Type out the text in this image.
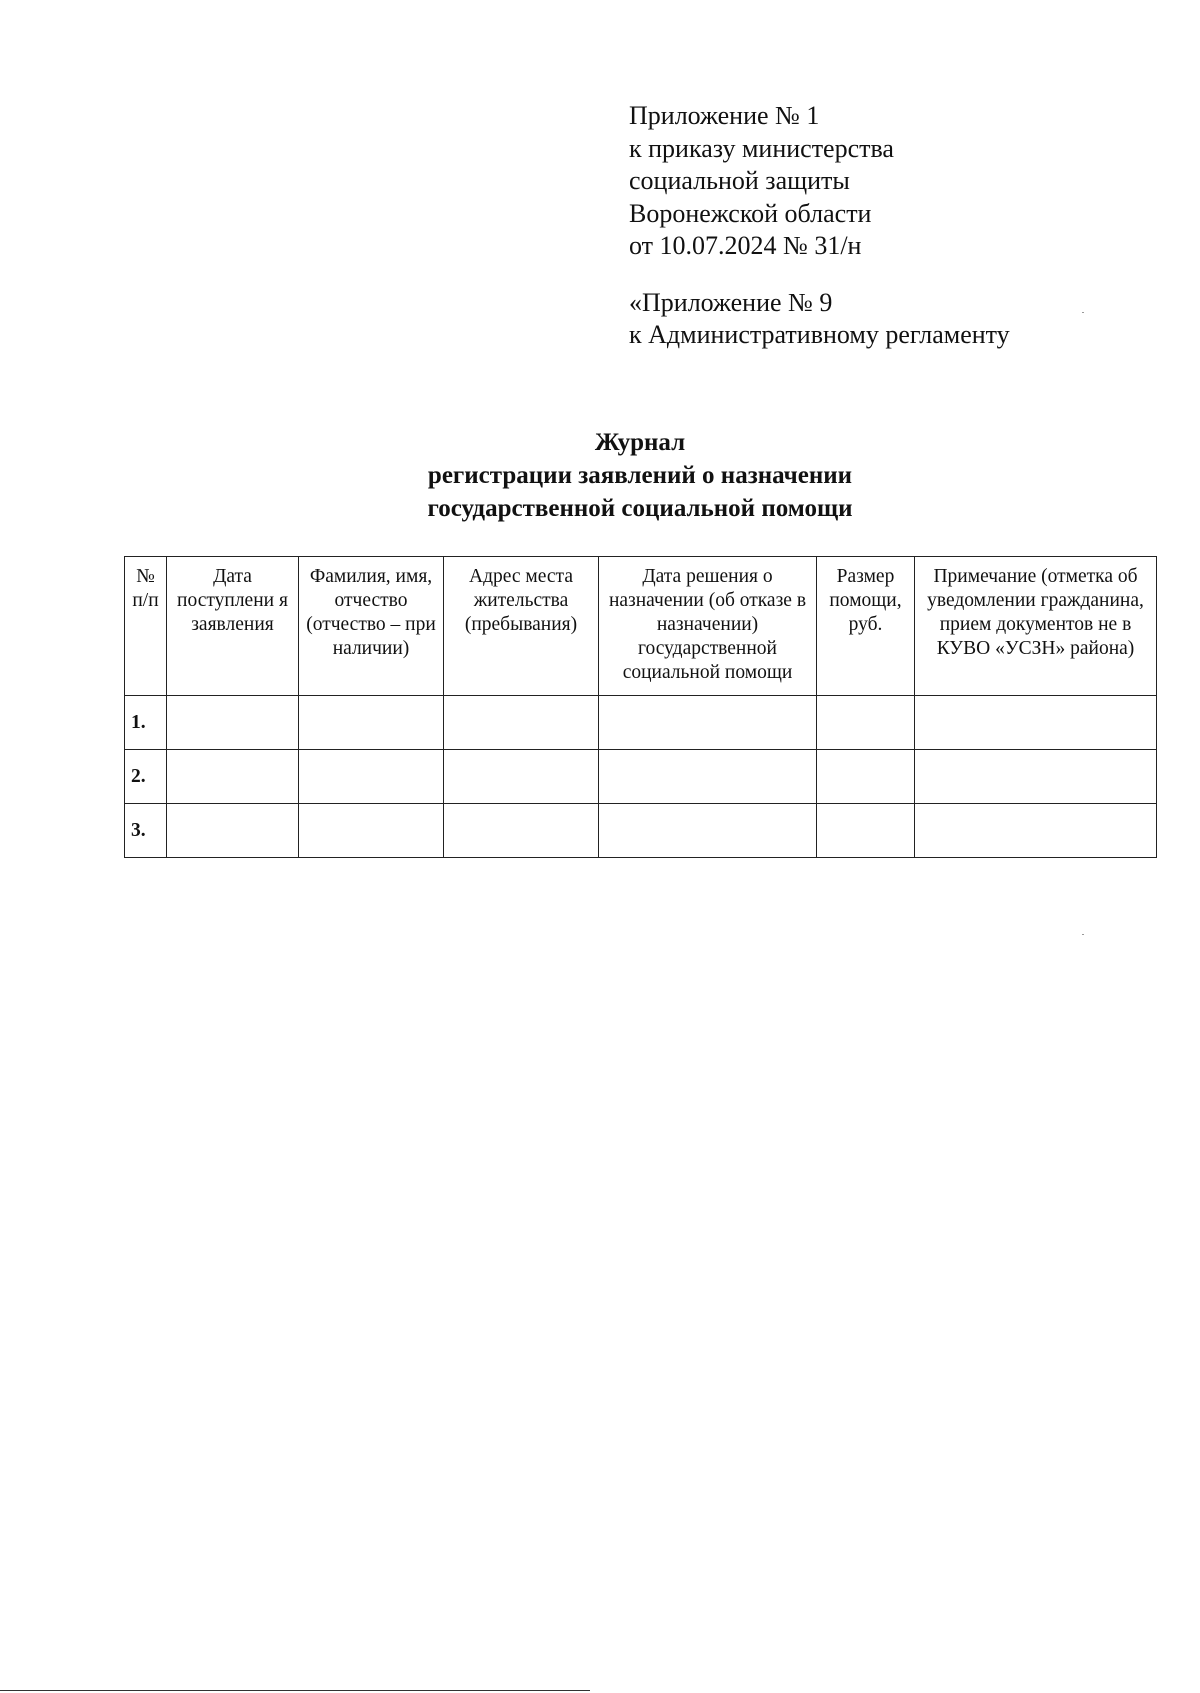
Приложение № 1
к приказу министерства
социальной защиты
Воронежской области
от 10.07.2024 № 31/н
«Приложение № 9
к Административному регламенту
Журнал
регистрации заявлений о назначении
государственной социальной помощи
№ п/п	Дата поступлени я заявления	Фамилия, имя, отчество (отчество – при наличии)	Адрес места жительства (пребывания)	Дата решения о назначении (об отказе в назначении) государственной социальной помощи	Размер помощи, руб.	Примечание (отметка об уведомлении гражданина, прием документов не в КУВО «УСЗН» района)
1.						
2.						
3.						
